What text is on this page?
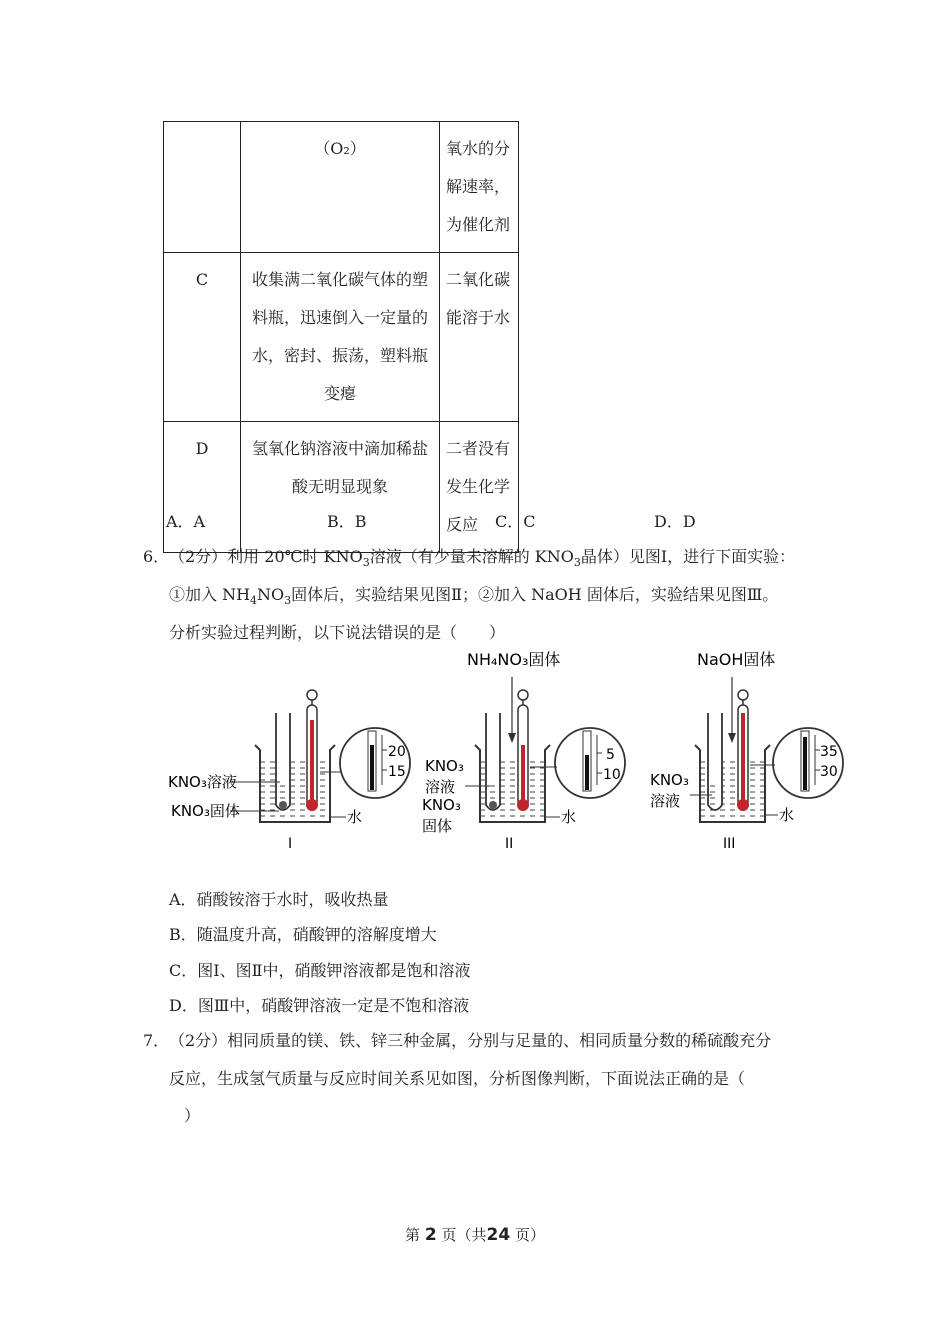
	（O₂）	氧水的分解速率，为催化剂
C	收集满二氧化碳气体的塑料瓶，迅速倒入一定量的水，密封、振荡，塑料瓶变瘪	二氧化碳能溶于水
D	氢氧化钠溶液中滴加稀盐酸无明显现象	二者没有发生化学反应
A．A	B．B	C．C	D．D
6． （2分）利用 20℃时 $KNO_3$溶液（有少量未溶解的 $KNO_3$晶体）见图Ⅰ，进行下面实验：
①加入 $NH_4NO_3$固体后，实验结果见图Ⅱ；②加入 NaOH 固体后，实验结果见图Ⅲ。
分析实验过程判断，以下说法错误的是（　　）
20
15
KNO₃溶液
KNO₃固体	水
I
NH₄NO₃固体
5
10
KNO₃
溶液
KNO₃
固体	水
II
NaOH固体
35
30
KNO₃
溶液
水
III
A．硝酸铵溶于水时，吸收热量
B．随温度升高，硝酸钾的溶解度增大
C．图Ⅰ、图Ⅱ中，硝酸钾溶液都是饱和溶液
D．图Ⅲ中，硝酸钾溶液一定是不饱和溶液
7． （2分）相同质量的镁、铁、锌三种金属，分别与足量的、相同质量分数的稀硫酸充分
反应，生成氢气质量与反应时间关系见如图，分析图像判断，下面说法正确的是（
）
第 2 页（共24 页）
